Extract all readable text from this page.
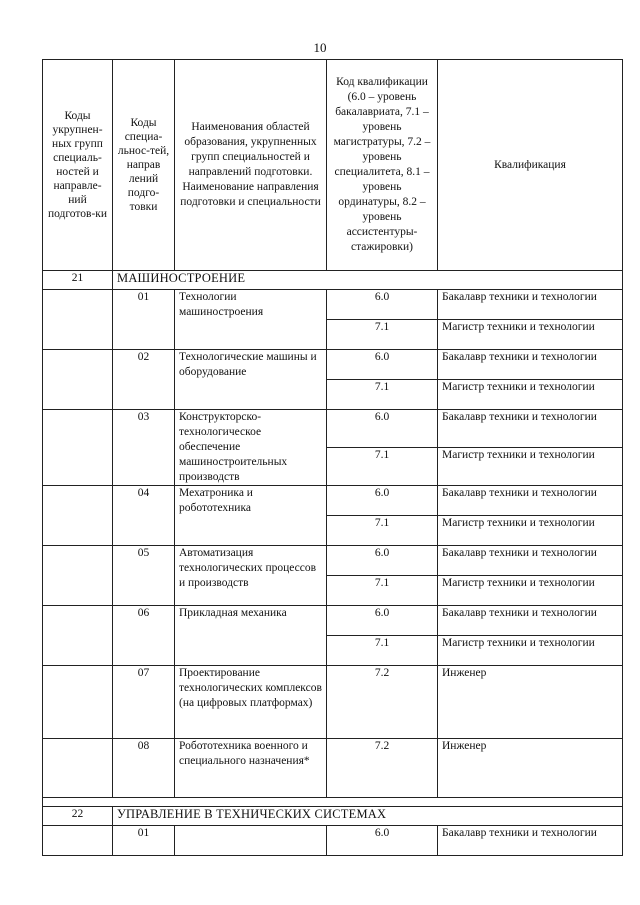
10
Коды укрупнен-ных групп специаль-ностей и направле-ний подготов-ки	Коды специа-льнос-тей, направ лений подго-товки	Наименования областей образования, укрупненных групп специальностей и направлений подготовки. Наименование направления подготовки и специальности	Код квалификации (6.0 – уровень бакалавриата, 7.1 – уровень магистратуры, 7.2 – уровень специалитета, 8.1 – уровень ординатуры, 8.2 – уровень ассистентуры-стажировки)	Квалификация
21	МАШИНОСТРОЕНИЕ			
	01	Технологии машиностроения	6.0	Бакалавр техники и технологии
			7.1	Магистр техники и технологии
	02	Технологические машины и оборудование	6.0	Бакалавр техники и технологии
			7.1	Магистр техники и технологии
	03	Конструкторско-технологическое обеспечение машиностроительных производств	6.0	Бакалавр техники и технологии
			7.1	Магистр техники и технологии
	04	Мехатроника и робототехника	6.0	Бакалавр техники и технологии
			7.1	Магистр техники и технологии
	05	Автоматизация технологических процессов и производств	6.0	Бакалавр техники и технологии
			7.1	Магистр техники и технологии
	06	Прикладная механика	6.0	Бакалавр техники и технологии
			7.1	Магистр техники и технологии
	07	Проектирование технологических комплексов (на цифровых платформах)	7.2	Инженер
	08	Робототехника военного и специального назначения*	7.2	Инженер

22	УПРАВЛЕНИЕ В ТЕХНИЧЕСКИХ СИСТЕМАХ			
	01		6.0	Бакалавр техники и технологии
